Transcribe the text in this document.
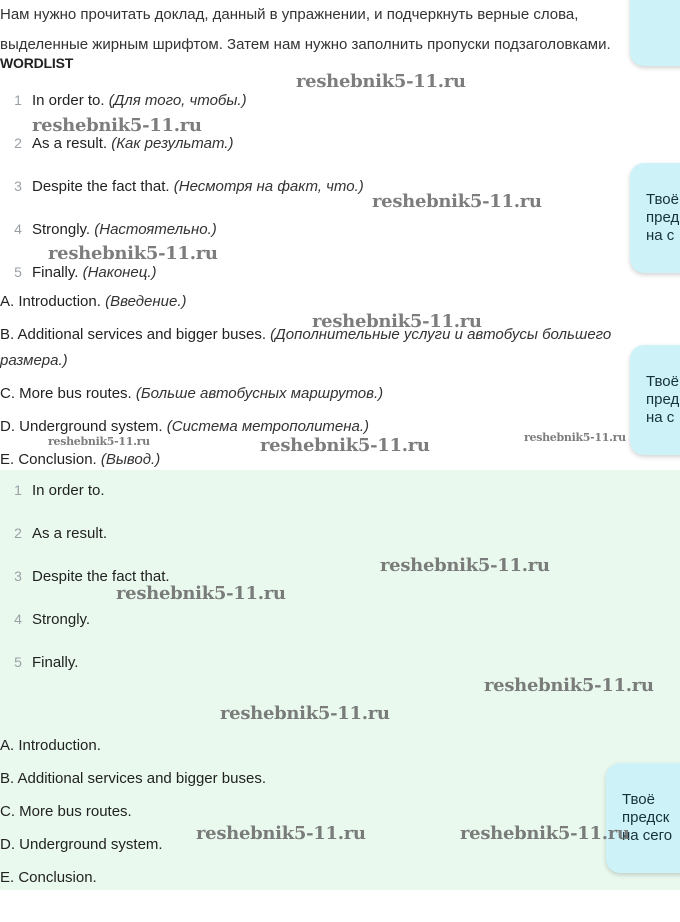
Нам нужно прочитать доклад, данный в упражнении, и подчеркнуть верные слова,

выделенные жирным шрифтом. Затем нам нужно заполнить пропуски подзаголовками.

WORDLIST
1 In order to. (Для того, чтобы.)
2 As a result. (Как результат.)
3 Despite the fact that. (Несмотря на факт, что.)
4 Strongly. (Настоятельно.)
5 Finally. (Наконец.)
A. Introduction. (Введение.)
B. Additional services and bigger buses. (Дополнительные услуги и автобусы большего
размера.)
C. More bus routes. (Больше автобусных маршрутов.)
D. Underground system. (Система метрополитена.)
E. Conclusion. (Вывод.)
1 In order to.
2 As a result.
3 Despite the fact that.
4 Strongly.
5 Finally.
A. Introduction.
B. Additional services and bigger buses.
C. More bus routes.
D. Underground system.
E. Conclusion.
Твоё
пред
на с
Твоё
пред
на с
Твоё
предск
на сего
reshebnik5-11.ru
reshebnik5-11.ru
reshebnik5-11.ru
reshebnik5-11.ru
reshebnik5-11.ru
reshebnik5-11.ru	reshebnik5-11.ru	reshebnik5-11.ru
reshebnik5-11.ru
reshebnik5-11.ru
reshebnik5-11.ru
reshebnik5-11.ru
reshebnik5-11.ru	reshebnik5-11.ru
